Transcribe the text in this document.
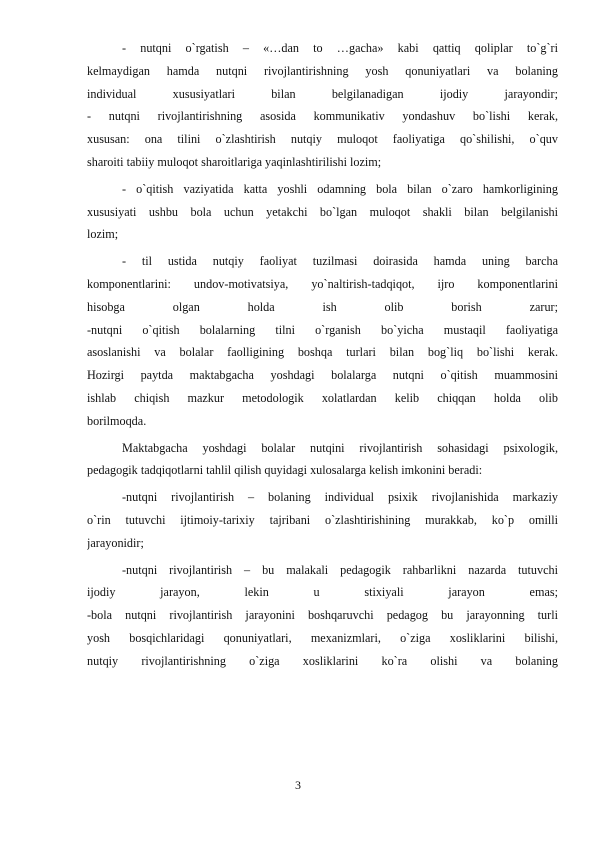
- nutqni o`rgatish – «…dan to …gacha» kabi qattiq qoliplar to`g`ri
kelmaydigan hamda nutqni rivojlantirishning yosh qonuniyatlari va bolaning
individual xususiyatlari bilan belgilanadigan ijodiy jarayondir;
- nutqni rivojlantirishning asosida kommunikativ yondashuv bo`lishi kerak,
xususan: ona tilini o`zlashtirish nutqiy muloqot faoliyatiga qo`shilishi, o`quv
sharoiti tabiiy muloqot sharoitlariga yaqinlashtirilishi lozim;
- o`qitish vaziyatida katta yoshli odamning bola bilan o`zaro hamkorligining
xususiyati ushbu bola uchun yetakchi bo`lgan muloqot shakli bilan belgilanishi
lozim;
- til ustida nutqiy faoliyat tuzilmasi doirasida hamda uning barcha
komponentlarini: undov-motivatsiya, yo`naltirish-tadqiqot, ijro komponentlarini
hisobga olgan holda ish olib borish zarur;
-nutqni o`qitish bolalarning tilni o`rganish bo`yicha mustaqil faoliyatiga
asoslanishi va bolalar faolligining boshqa turlari bilan bog`liq bo`lishi kerak.
Hozirgi paytda maktabgacha yoshdagi bolalarga nutqni o`qitish muammosini
ishlab chiqish mazkur metodologik xolatlardan kelib chiqqan holda olib
borilmoqda.
Maktabgacha yoshdagi bolalar nutqini rivojlantirish sohasidagi psixologik,
pedagogik tadqiqotlarni tahlil qilish quyidagi xulosalarga kelish imkonini beradi:
-nutqni rivojlantirish – bolaning individual psixik rivojlanishida markaziy
o`rin tutuvchi ijtimoiy-tarixiy tajribani o`zlashtirishining murakkab, ko`p omilli
jarayonidir;
-nutqni rivojlantirish – bu malakali pedagogik rahbarlikni nazarda tutuvchi
ijodiy jarayon, lekin u stixiyali jarayon emas;
-bola nutqni rivojlantirish jarayonini boshqaruvchi pedagog bu jarayonning turli
yosh bosqichlaridagi qonuniyatlari, mexanizmlari, o`ziga xosliklarini bilishi,
nutqiy rivojlantirishning o`ziga xosliklarini ko`ra olishi va bolaning
3
